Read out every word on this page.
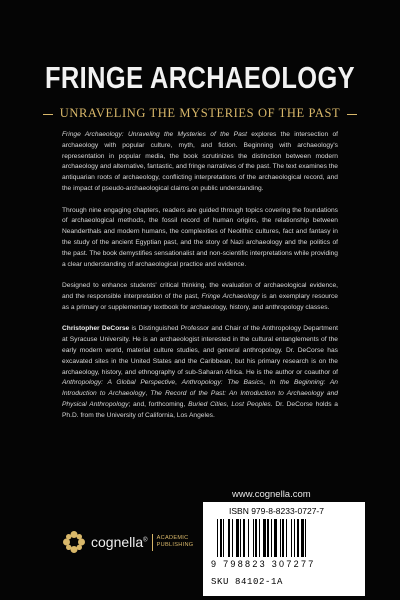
FRINGE ARCHAEOLOGY
UNRAVELING THE MYSTERIES OF THE PAST

Fringe Archaeology: Unraveling the Mysteries of the Past explores the intersection of archaeology with popular culture, myth, and fiction. Beginning with archaeology's representation in popular media, the book scrutinizes the distinction between modern archaeology and alternative, fantastic, and fringe narratives of the past. The text examines the antiquarian roots of archaeology, conflicting interpretations of the archaeological record, and the impact of pseudo-archaeological claims on public understanding.

Through nine engaging chapters, readers are guided through topics covering the foundations of archaeological methods, the fossil record of human origins, the relationship between Neanderthals and modern humans, the complexities of Neolithic cultures, fact and fantasy in the study of the ancient Egyptian past, and the story of Nazi archaeology and the politics of the past. The book demystifies sensationalist and non-scientific interpretations while providing a clear understanding of archaeological practice and evidence.

Designed to enhance students' critical thinking, the evaluation of archaeological evidence, and the responsible interpretation of the past, Fringe Archaeology is an exemplary resource as a primary or supplementary textbook for archaeology, history, and anthropology classes.

Christopher DeCorse is Distinguished Professor and Chair of the Anthropology Department at Syracuse University. He is an archaeologist interested in the cultural entanglements of the early modern world, material culture studies, and general anthropology. Dr. DeCorse has excavated sites in the United States and the Caribbean, but his primary research is on the archaeology, history, and ethnography of sub-Saharan Africa. He is the author or coauthor of Anthropology: A Global Perspective, Anthropology: The Basics, In the Beginning: An Introduction to Archaeology, The Record of the Past: An Introduction to Archaeology and Physical Anthropology; and, forthcoming, Buried Cities, Lost Peoples. Dr. DeCorse holds a Ph.D. from the University of California, Los Angeles.

www.cognella.com
cognella® ACADEMIC
PUBLISHING
ISBN 979-8-8233-0727-7
9 798823 307277
SKU 84102-1A
